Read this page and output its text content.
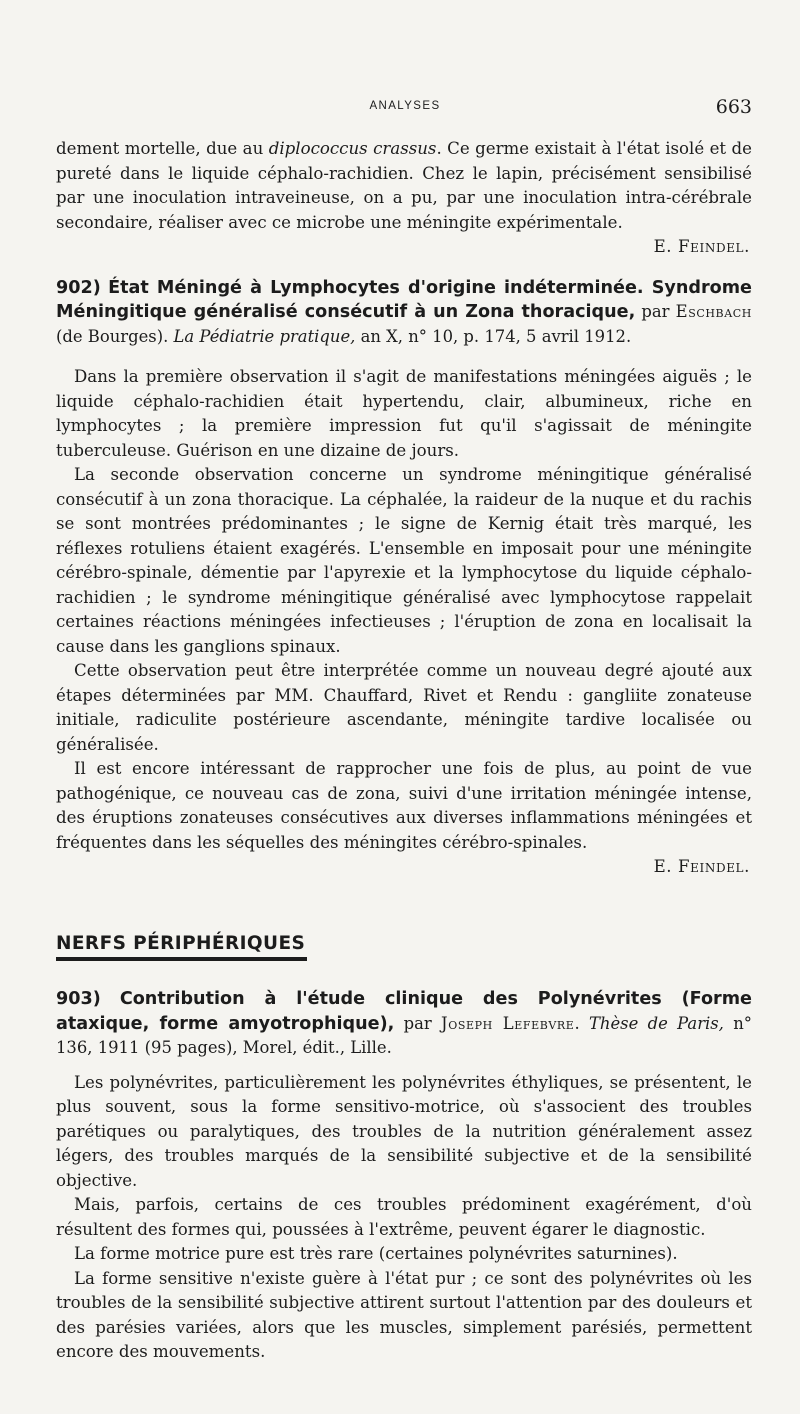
ANALYSES	663

dement mortelle, due au diplococcus crassus. Ce germe existait à l'état isolé et de pureté dans le liquide céphalo-rachidien. Chez le lapin, précisément sensibilisé par une inoculation intraveineuse, on a pu, par une inoculation intra-cérébrale secondaire, réaliser avec ce microbe une méningite expérimentale.

E. Feindel.

902) État Méningé à Lymphocytes d'origine indéterminée. Syndrome Méningitique généralisé consécutif à un Zona thoracique, par Eschbach (de Bourges). La Pédiatrie pratique, an X, n° 10, p. 174, 5 avril 1912.

Dans la première observation il s'agit de manifestations méningées aiguës ; le liquide céphalo-rachidien était hypertendu, clair, albumineux, riche en lymphocytes ; la première impression fut qu'il s'agissait de méningite tuberculeuse. Guérison en une dizaine de jours.

La seconde observation concerne un syndrome méningitique généralisé consécutif à un zona thoracique. La céphalée, la raideur de la nuque et du rachis se sont montrées prédominantes ; le signe de Kernig était très marqué, les réflexes rotuliens étaient exagérés. L'ensemble en imposait pour une méningite cérébro-spinale, démentie par l'apyrexie et la lymphocytose du liquide céphalo-rachidien ; le syndrome méningitique généralisé avec lymphocytose rappelait certaines réactions méningées infectieuses ; l'éruption de zona en localisait la cause dans les ganglions spinaux.

Cette observation peut être interprétée comme un nouveau degré ajouté aux étapes déterminées par MM. Chauffard, Rivet et Rendu : gangliite zonateuse initiale, radiculite postérieure ascendante, méningite tardive localisée ou généralisée.

Il est encore intéressant de rapprocher une fois de plus, au point de vue pathogénique, ce nouveau cas de zona, suivi d'une irritation méningée intense, des éruptions zonateuses consécutives aux diverses inflammations méningées et fréquentes dans les séquelles des méningites cérébro-spinales.

E. Feindel.

NERFS PÉRIPHÉRIQUES

903) Contribution à l'étude clinique des Polynévrites (Forme ataxique, forme amyotrophique), par Joseph Lefebvre. Thèse de Paris, n° 136, 1911 (95 pages), Morel, édit., Lille.

Les polynévrites, particulièrement les polynévrites éthyliques, se présentent, le plus souvent, sous la forme sensitivo-motrice, où s'associent des troubles parétiques ou paralytiques, des troubles de la nutrition généralement assez légers, des troubles marqués de la sensibilité subjective et de la sensibilité objective.

Mais, parfois, certains de ces troubles prédominent exagérément, d'où résultent des formes qui, poussées à l'extrême, peuvent égarer le diagnostic.

La forme motrice pure est très rare (certaines polynévrites saturnines).

La forme sensitive n'existe guère à l'état pur ; ce sont des polynévrites où les troubles de la sensibilité subjective attirent surtout l'attention par des douleurs et des parésies variées, alors que les muscles, simplement parésiés, permettent encore des mouvements.
